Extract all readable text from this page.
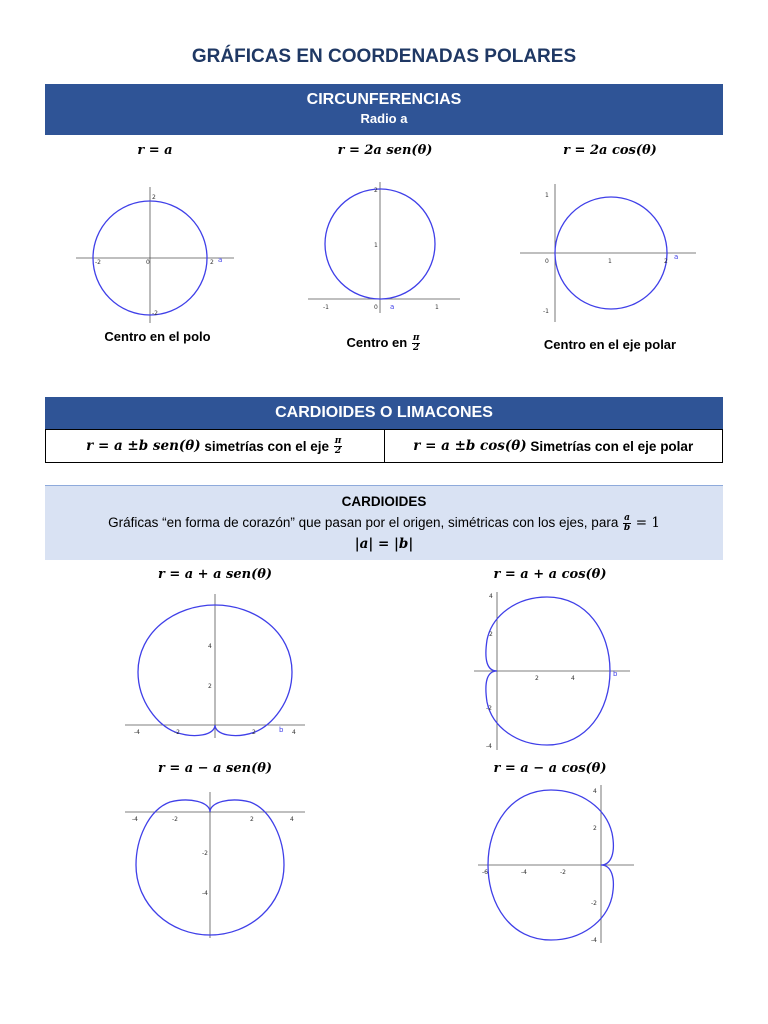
GRÁFICAS EN COORDENADAS POLARES
CIRCUNFERENCIAS
Radio a
r = a	r = 2a sen(θ)	r = 2a cos(θ)
-2	2
0
2
-2
a
Centro en el polo
-1	1
0
1
2
a
Centro en $\frac{\pi}{2}$
0	1	2
1
-1
a
Centro en el eje polar
CARDIOIDES O LIMACONES
r = a ±b sen(θ) simetrías con el eje $\frac{\pi}{2}$	r = a ±b cos(θ) Simetrías con el eje polar
CARDIOIDES
Gráficas “en forma de corazón” que pasan por el origen, simétricas con los ejes, para $\frac{a}{b} = 1$
|a| = |b|
r = a + a sen(θ)	r = a + a cos(θ)
r = a − a sen(θ)	r = a − a cos(θ)
-4	-2	2	4
2
4
b
2	4
4
2
-2
-4
b
-4	-2	2	4
-2
-4
-6	-4	-2
4
2
-2
-4
